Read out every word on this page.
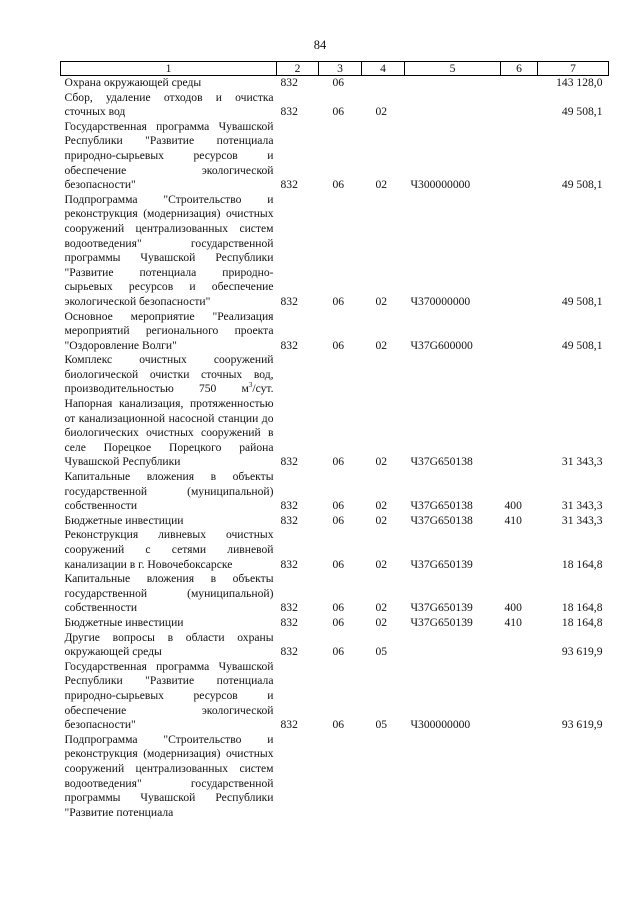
84
1	2	3	4	5	6	7
Охрана окружающей среды	832	06				143 128,0
Сбор, удаление отходов и очистка сточных вод	832	06	02			49 508,1
Государственная программа Чувашской Республики "Развитие потенциала природно-сырьевых ресурсов и обеспечение экологической безопасности"	832	06	02	Ч300000000		49 508,1
Подпрограмма "Строительство и реконструкция (модернизация) очистных сооружений централизованных систем водоотведения" государственной программы Чувашской Республики "Развитие потенциала природно-сырьевых ресурсов и обеспечение экологической безопасности"	832	06	02	Ч370000000		49 508,1
Основное мероприятие "Реализация мероприятий регионального проекта "Оздоровление Волги"	832	06	02	Ч37G600000		49 508,1
Комплекс очистных сооружений биологической очистки сточных вод, производительностью 750 $м^3$/сут. Напорная канализация, протяженностью от канализационной насосной станции до биологических очистных сооружений в селе Порецкое Порецкого района Чувашской Республики	832	06	02	Ч37G650138		31 343,3
Капитальные вложения в объекты государственной (муниципальной) собственности	832	06	02	Ч37G650138	400	31 343,3
Бюджетные инвестиции	832	06	02	Ч37G650138	410	31 343,3
Реконструкция ливневых очистных сооружений с сетями ливневой канализации в г. Новочебоксарске	832	06	02	Ч37G650139		18 164,8
Капитальные вложения в объекты государственной (муниципальной) собственности	832	06	02	Ч37G650139	400	18 164,8
Бюджетные инвестиции	832	06	02	Ч37G650139	410	18 164,8
Другие вопросы в области охраны окружающей среды	832	06	05			93 619,9
Государственная программа Чувашской Республики "Развитие потенциала природно-сырьевых ресурсов и обеспечение экологической безопасности"	832	06	05	Ч300000000		93 619,9
Подпрограмма "Строительство и реконструкция (модернизация) очистных сооружений централизованных систем водоотведения" государственной программы Чувашской Республики "Развитие потенциала						
